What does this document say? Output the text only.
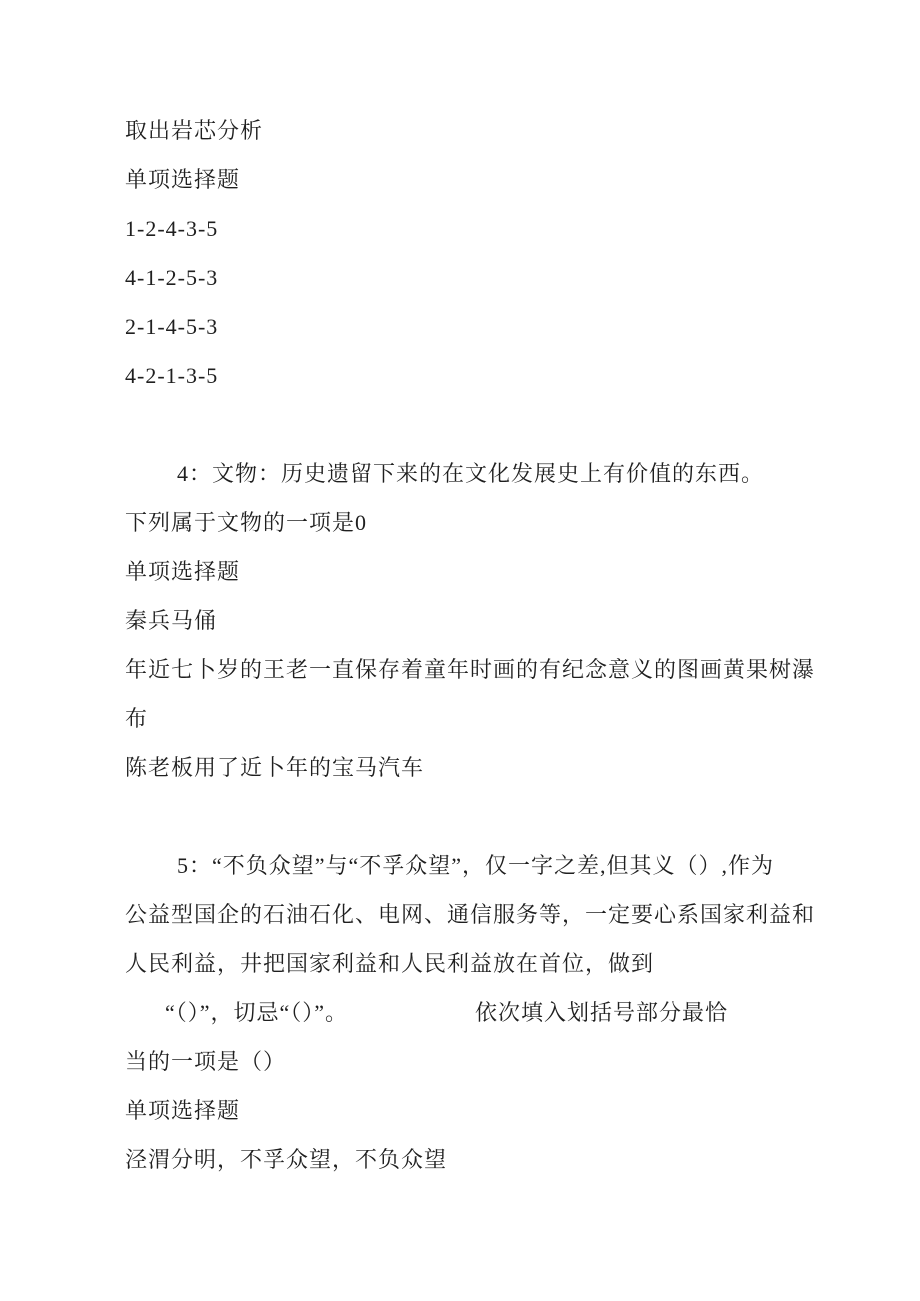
取出岩芯分析

单项选择题

1-2-4-3-5

4-1-2-5-3

2-1-4-5-3

4-2-1-3-5

4：文物：历史遗留下来的在文化发展史上有价值的东西。

下列属于文物的一项是0

单项选择题

秦兵马俑

年近七卜岁的王老一直保存着童年时画的有纪念意义的图画黄果树瀑

布

陈老板用了近卜年的宝马汽车

5：“不负众望”与“不孚众望”，仅一字之差,但其义（）,作为

公益型国企的石油石化、电网、通信服务等，一定要心系国家利益和

人民利益，井把国家利益和人民利益放在首位，做到

“（）”，切忌“（）”。　　　　　　依次填入划括号部分最恰

当的一项是（）

单项选择题

泾渭分明，不孚众望，不负众望
